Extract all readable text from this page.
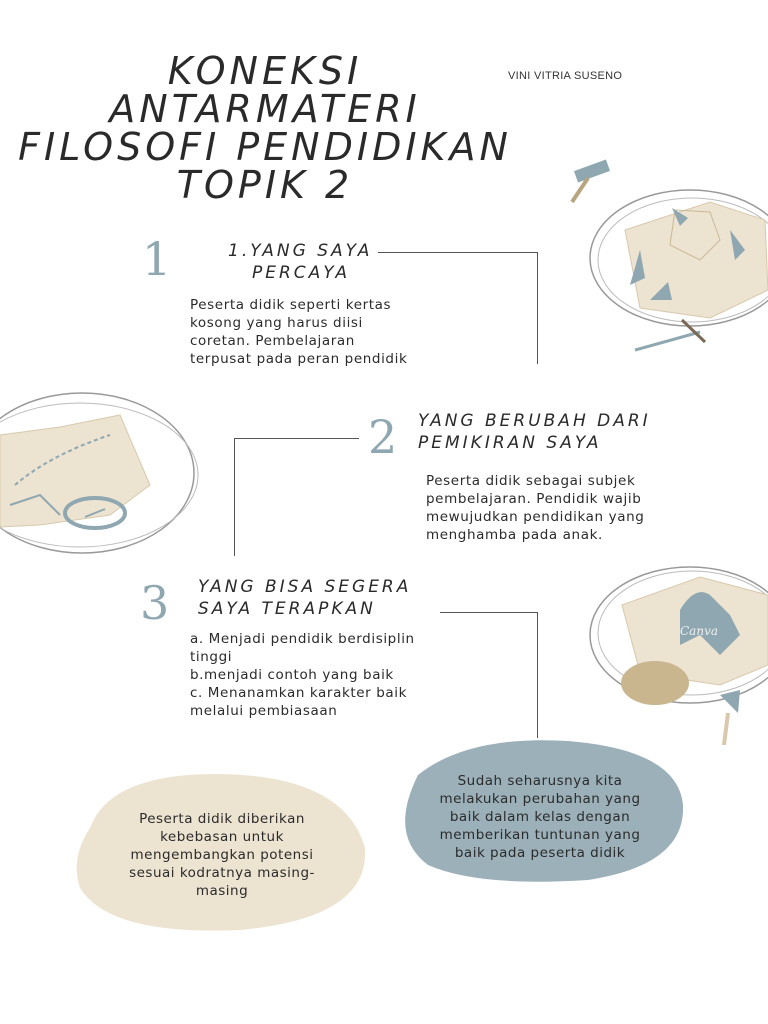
KONEKSI
ANTARMATERI
FILOSOFI PENDIDIKAN
TOPIK 2
VINI VITRIA SUSENO
Canva
1	1.YANG SAYA
PERCAYA
Peserta didik seperti kertas
kosong yang harus diisi
coretan. Pembelajaran
terpusat pada peran pendidik
2 YANG BERUBAH DARI
PEMIKIRAN SAYA
Peserta didik sebagai subjek
pembelajaran. Pendidik wajib
mewujudkan pendidikan yang
menghamba pada anak.
3 YANG BISA SEGERA
SAYA TERAPKAN
a. Menjadi pendidik berdisiplin
tinggi
b.menjadi contoh yang baik
c. Menanamkan karakter baik
melalui pembiasaan
Peserta didik diberikan
kebebasan untuk
mengembangkan potensi
sesuai kodratnya masing-
masing
Sudah seharusnya kita
melakukan perubahan yang
baik dalam kelas dengan
memberikan tuntunan yang
baik pada peserta didik
